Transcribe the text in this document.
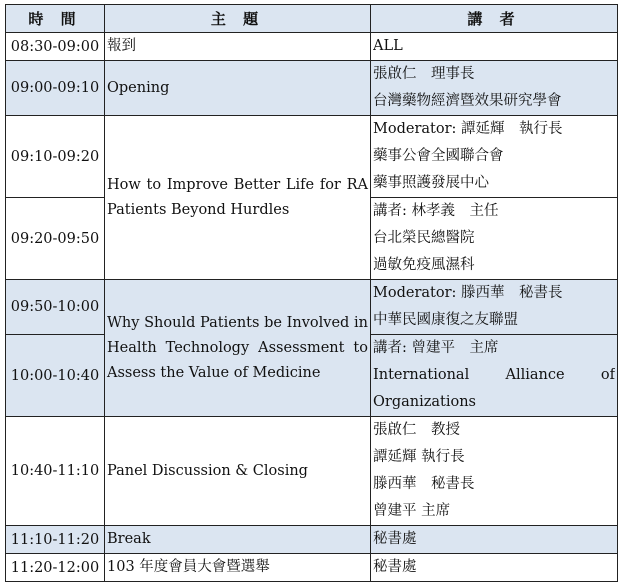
時 間	主 題	講 者
08:30-09:00	報到	ALL

09:00-09:10	Opening	張啟仁　理事長
台灣藥物經濟暨效果研究學會

09:10-09:20	How to Improve Better Life for RA Patients Beyond Hurdles	Moderator: 譚延輝　執行長
藥事公會全國聯合會
藥事照護發展中心

09:20-09:50		講者: 林孝義　主任
台北榮民總醫院
過敏免疫風濕科

09:50-10:00	Why Should Patients be Involved in Health Technology Assessment to Assess the Value of Medicine	Moderator: 滕西華　秘書長
中華民國康復之友聯盟

10:00-10:40		講者: 曾建平　主席
International Alliance of
Organizations

10:40-11:10	Panel Discussion & Closing	張啟仁　教授
譚延輝 執行長
滕西華　秘書長
曾建平 主席

11:10-11:20	Break	秘書處

11:20-12:00	103 年度會員大會暨選舉	秘書處
